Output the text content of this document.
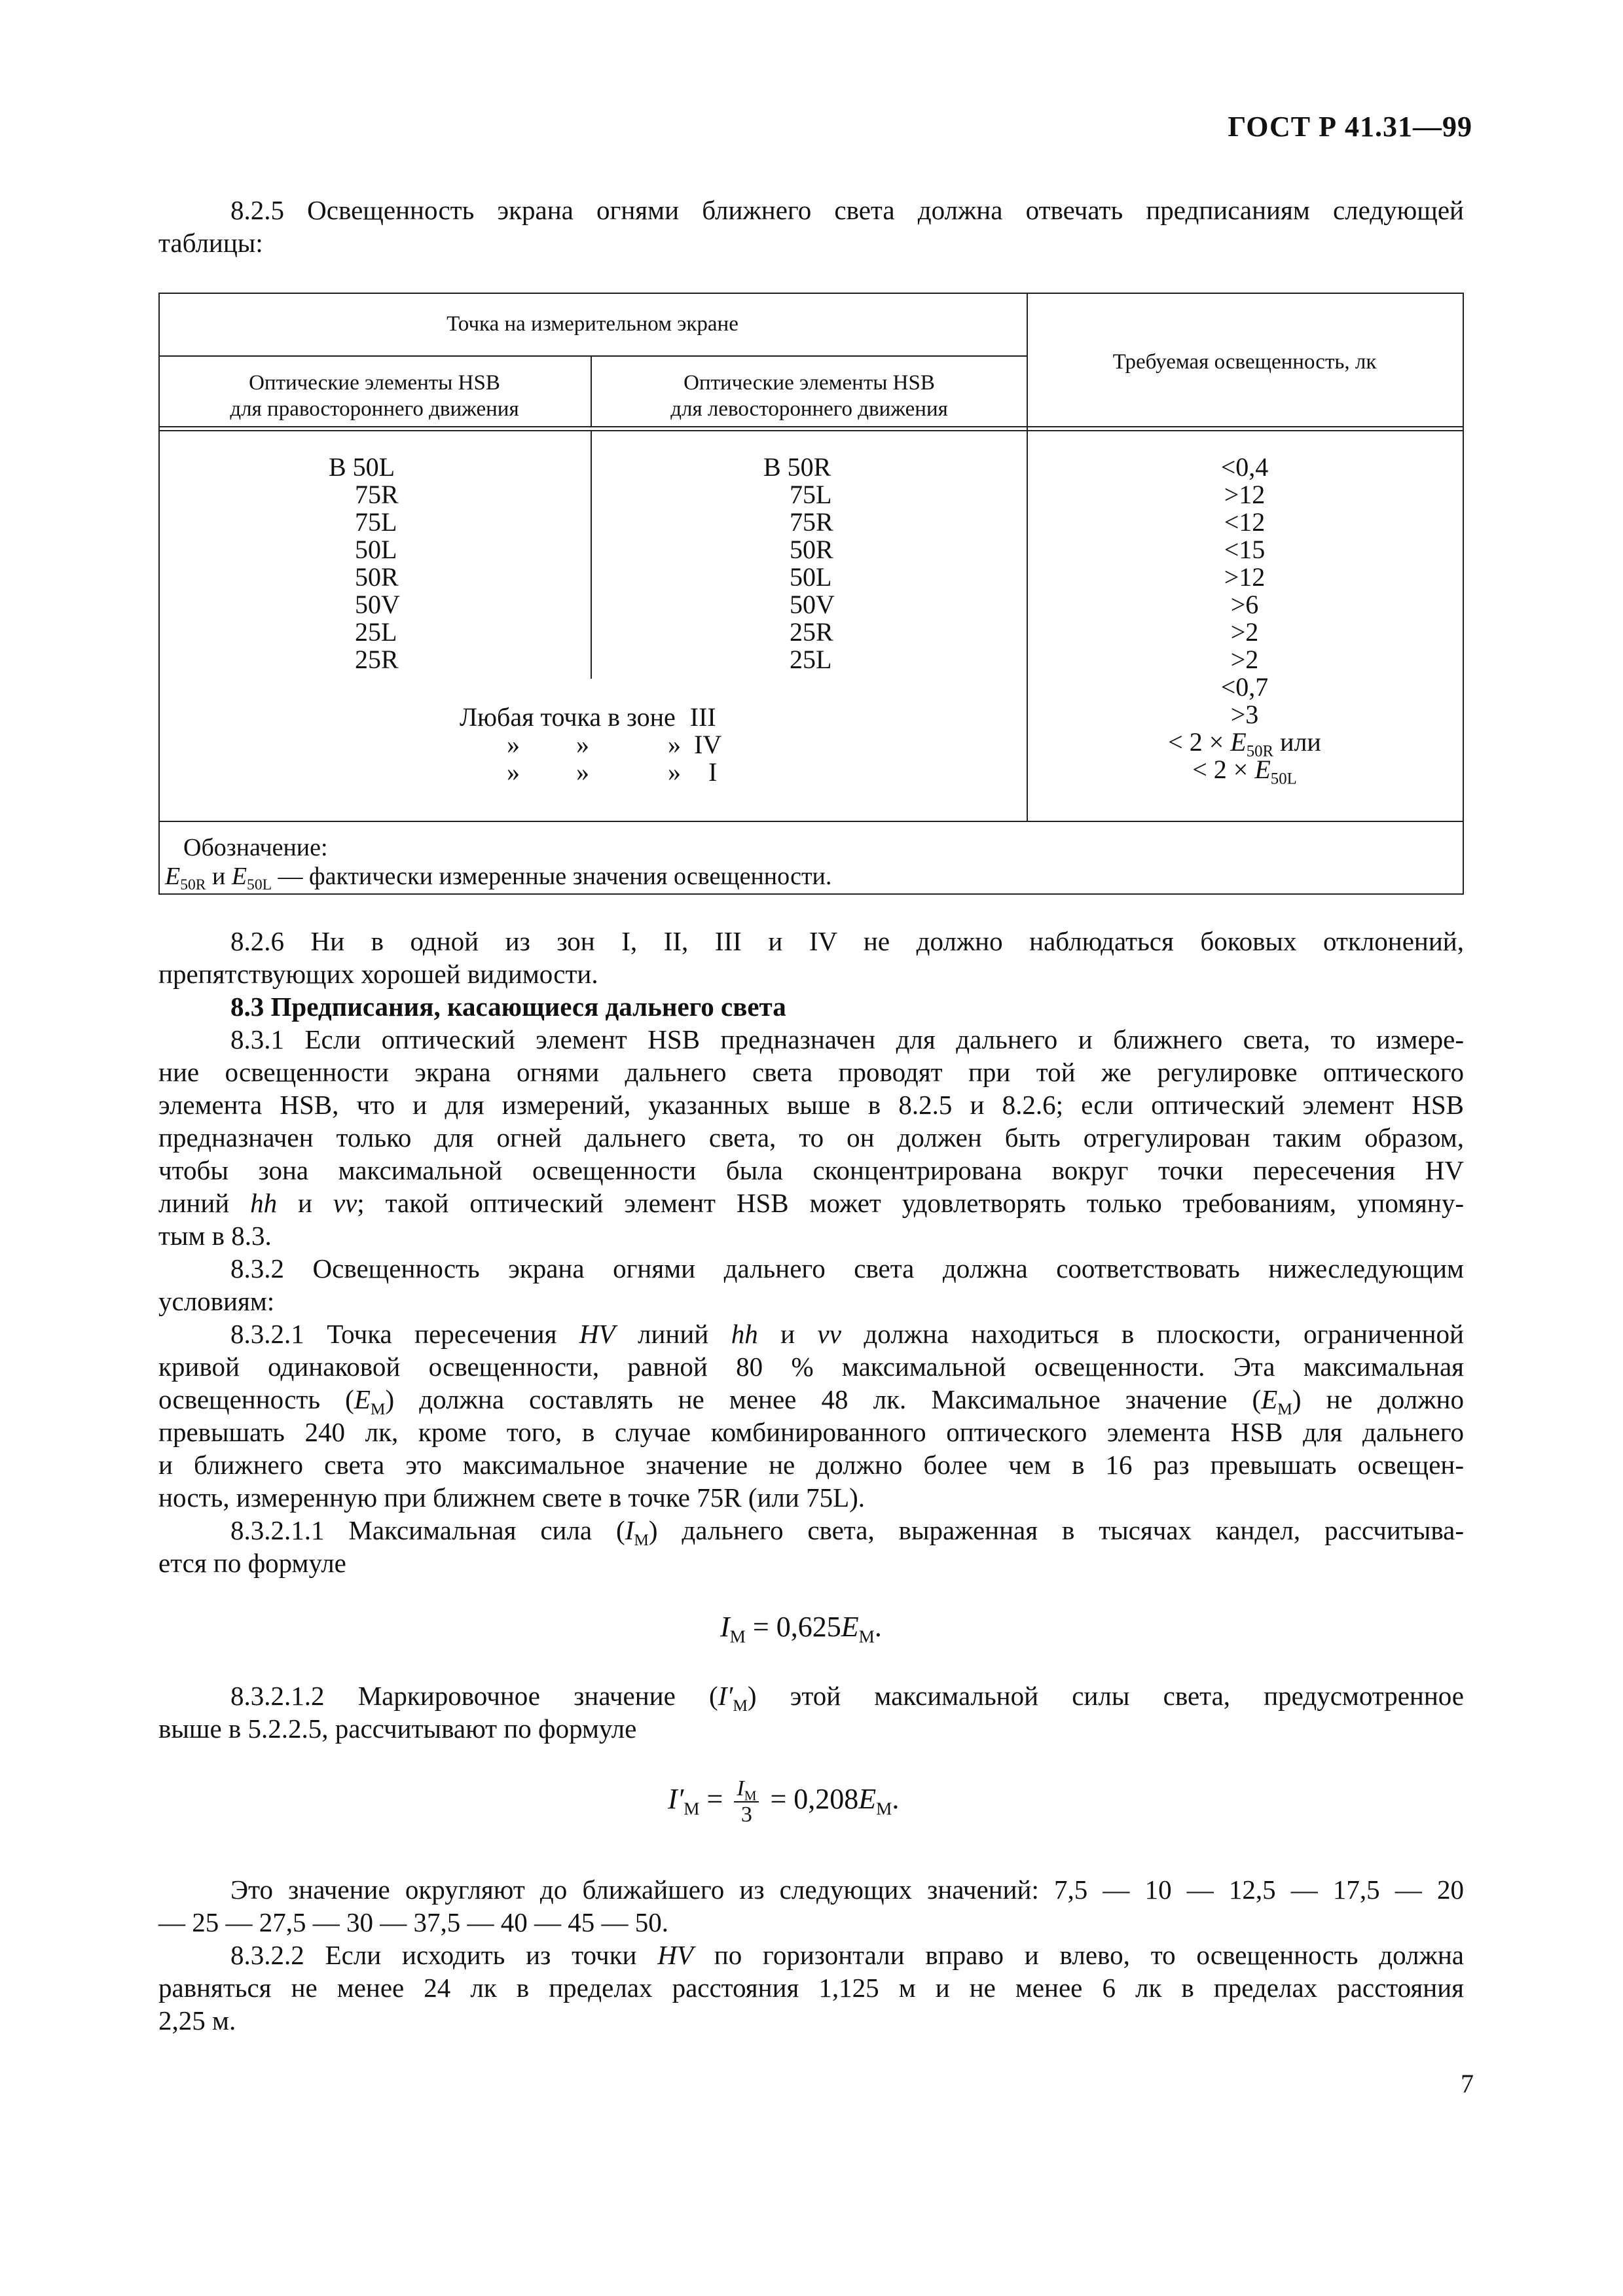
ГОСТ Р 41.31—99
8.2.5 Освещенность экрана огнями ближнего света должна отвечать предписаниям следующей
таблицы:
Точка на измерительном экране
Оптические элементы HSB
для правостороннего движения
Оптические элементы HSB
для левостороннего движения
Требуемая освещенность, лк
B 50L
75R
75L
50L
50R
50V
25L
25R
B 50R
75L
75R
50R
50L
50V
25R
25L
Любая точка в зоне III
» »	» IV
» »	» I
<0,4
>12
<12
<15
>12
>6
>2
>2
<0,7
>3
< $2 \times E_{50R}$ или
< $2 \times E_{50L}$
Обозначение:
$E_{50R}$ и $E_{50L}$ — фактически измеренные значения освещенности.
8.2.6 Ни в одной из зон I, II, III и IV не должно наблюдаться боковых отклонений,
препятствующих хорошей видимости.
8.3 Предписания, касающиеся дальнего света
8.3.1 Если оптический элемент HSB предназначен для дальнего и ближнего света, то измере-
ние освещенности экрана огнями дальнего света проводят при той же регулировке оптического
элемента HSB, что и для измерений, указанных выше в 8.2.5 и 8.2.6; если оптический элемент HSB
предназначен только для огней дальнего света, то он должен быть отрегулирован таким образом,
чтобы зона максимальной освещенности была сконцентрирована вокруг точки пересечения HV
линий hh и vv; такой оптический элемент HSB может удовлетворять только требованиям, упомяну-
тым в 8.3.
8.3.2 Освещенность экрана огнями дальнего света должна соответствовать нижеследующим
условиям:
8.3.2.1 Точка пересечения HV линий hh и vv должна находиться в плоскости, ограниченной
кривой одинаковой освещенности, равной 80 % максимальной освещенности. Эта максимальная
освещенность $(E_M)$ должна составлять не менее 48 лк. Максимальное значение $(E_M)$ не должно
превышать 240 лк, кроме того, в случае комбинированного оптического элемента HSB для дальнего
и ближнего света это максимальное значение не должно более чем в 16 раз превышать освещен-
ность, измеренную при ближнем свете в точке 75R (или 75L).
8.3.2.1.1 Максимальная сила $(I_M)$ дальнего света, выраженная в тысячах кандел, рассчитыва-
ется по формуле
$I_M = 0,625E_M$.
8.3.2.1.2 Маркировочное значение $(I'_M)$ этой максимальной силы света, предусмотренное
выше в 5.2.2.5, рассчитывают по формуле
$I'_M = \frac{I_M}{3} = 0,208E_M$.
Это значение округляют до ближайшего из следующих значений: 7,5 — 10 — 12,5 — 17,5 — 20
— 25 — 27,5 — 30 — 37,5 — 40 — 45 — 50.
8.3.2.2 Если исходить из точки HV по горизонтали вправо и влево, то освещенность должна
равняться не менее 24 лк в пределах расстояния 1,125 м и не менее 6 лк в пределах расстояния
2,25 м.
7
